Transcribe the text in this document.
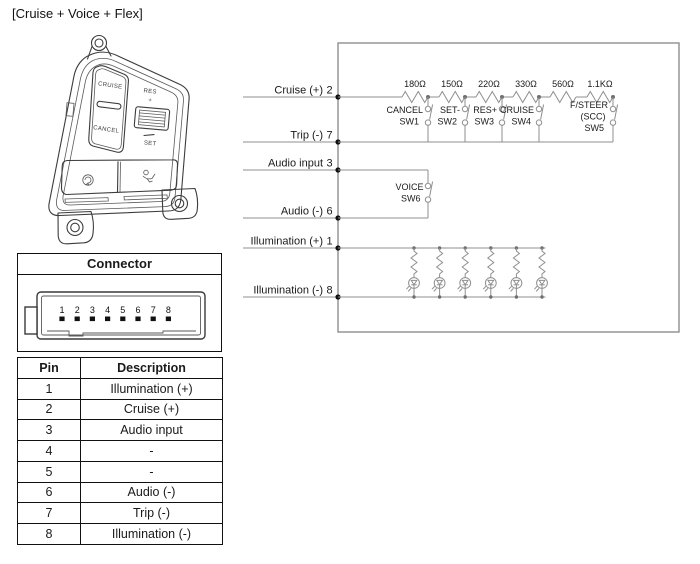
[Cruise + Voice + Flex]
CRUISE
CANCEL
RES
+
SET
Connector
1 2 3 4 5 6 7 8
Pin	Description
1	Illumination (+)
2	Cruise (+)
3	Audio input
4	-
5	-
6	Audio (-)
7	Trip (-)
8	Illumination (-)
Cruise (+) 2
Trip (-) 7
Audio input 3
Audio (-) 6
Illumination (+) 1
Illumination (-) 8
180Ω 150Ω 220Ω 330Ω 560Ω 1.1KΩ
CANCEL
SW1
SET-
SW2
RES+
SW3
CRUISE
SW4
F/STEER
(SCC)
SW5
VOICE
SW6
